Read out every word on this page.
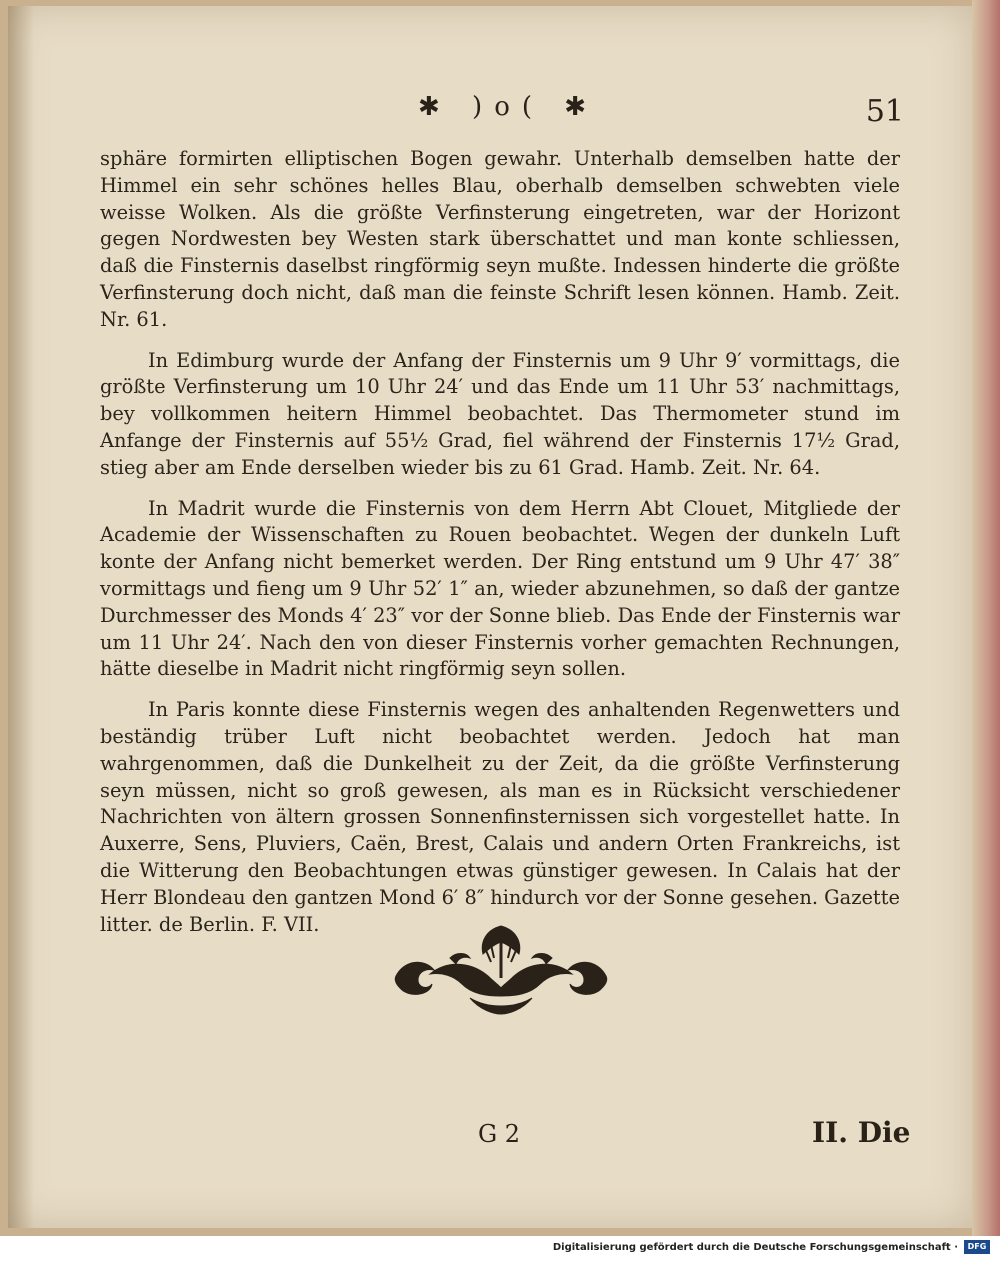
✱ )o( ✱	51

sphäre formirten elliptischen Bogen gewahr. Unterhalb demselben hatte der Himmel ein sehr schönes helles Blau, oberhalb demselben schwebten viele weisse Wolken. Als die größte Verfinsterung eingetreten, war der Horizont gegen Nordwesten bey Westen stark überschattet und man konte schliessen, daß die Finsternis daselbst ringförmig seyn mußte. Indessen hinderte die größte Verfinsterung doch nicht, daß man die feinste Schrift lesen können. Hamb. Zeit. Nr. 61.

In Edimburg wurde der Anfang der Finsternis um 9 Uhr 9′ vormittags, die größte Verfinsterung um 10 Uhr 24′ und das Ende um 11 Uhr 53′ nachmittags, bey vollkommen heitern Himmel beobachtet. Das Thermometer stund im Anfange der Finsternis auf 55½ Grad, fiel während der Finsternis 17½ Grad, stieg aber am Ende derselben wieder bis zu 61 Grad. Hamb. Zeit. Nr. 64.

In Madrit wurde die Finsternis von dem Herrn Abt Clouet, Mitgliede der Academie der Wissenschaften zu Rouen beobachtet. Wegen der dunkeln Luft konte der Anfang nicht bemerket werden. Der Ring entstund um 9 Uhr 47′ 38″ vormittags und fieng um 9 Uhr 52′ 1″ an, wieder abzunehmen, so daß der gantze Durchmesser des Monds 4′ 23″ vor der Sonne blieb. Das Ende der Finsternis war um 11 Uhr 24′. Nach den von dieser Finsternis vorher gemachten Rechnungen, hätte dieselbe in Madrit nicht ringförmig seyn sollen.

In Paris konnte diese Finsternis wegen des anhaltenden Regenwetters und beständig trüber Luft nicht beobachtet werden. Jedoch hat man wahrgenommen, daß die Dunkelheit zu der Zeit, da die größte Verfinsterung seyn müssen, nicht so groß gewesen, als man es in Rücksicht verschiedener Nachrichten von ältern grossen Sonnenfinsternissen sich vorgestellet hatte. In Auxerre, Sens, Pluviers, Caën, Brest, Calais und andern Orten Frankreichs, ist die Witterung den Beobachtungen etwas günstiger gewesen. In Calais hat der Herr Blondeau den gantzen Mond 6′ 8″ hindurch vor der Sonne gesehen. Gazette litter. de Berlin. F. VII.

G 2	II. Die
Digitalisierung gefördert durch die Deutsche Forschungsgemeinschaft ·	DFG
